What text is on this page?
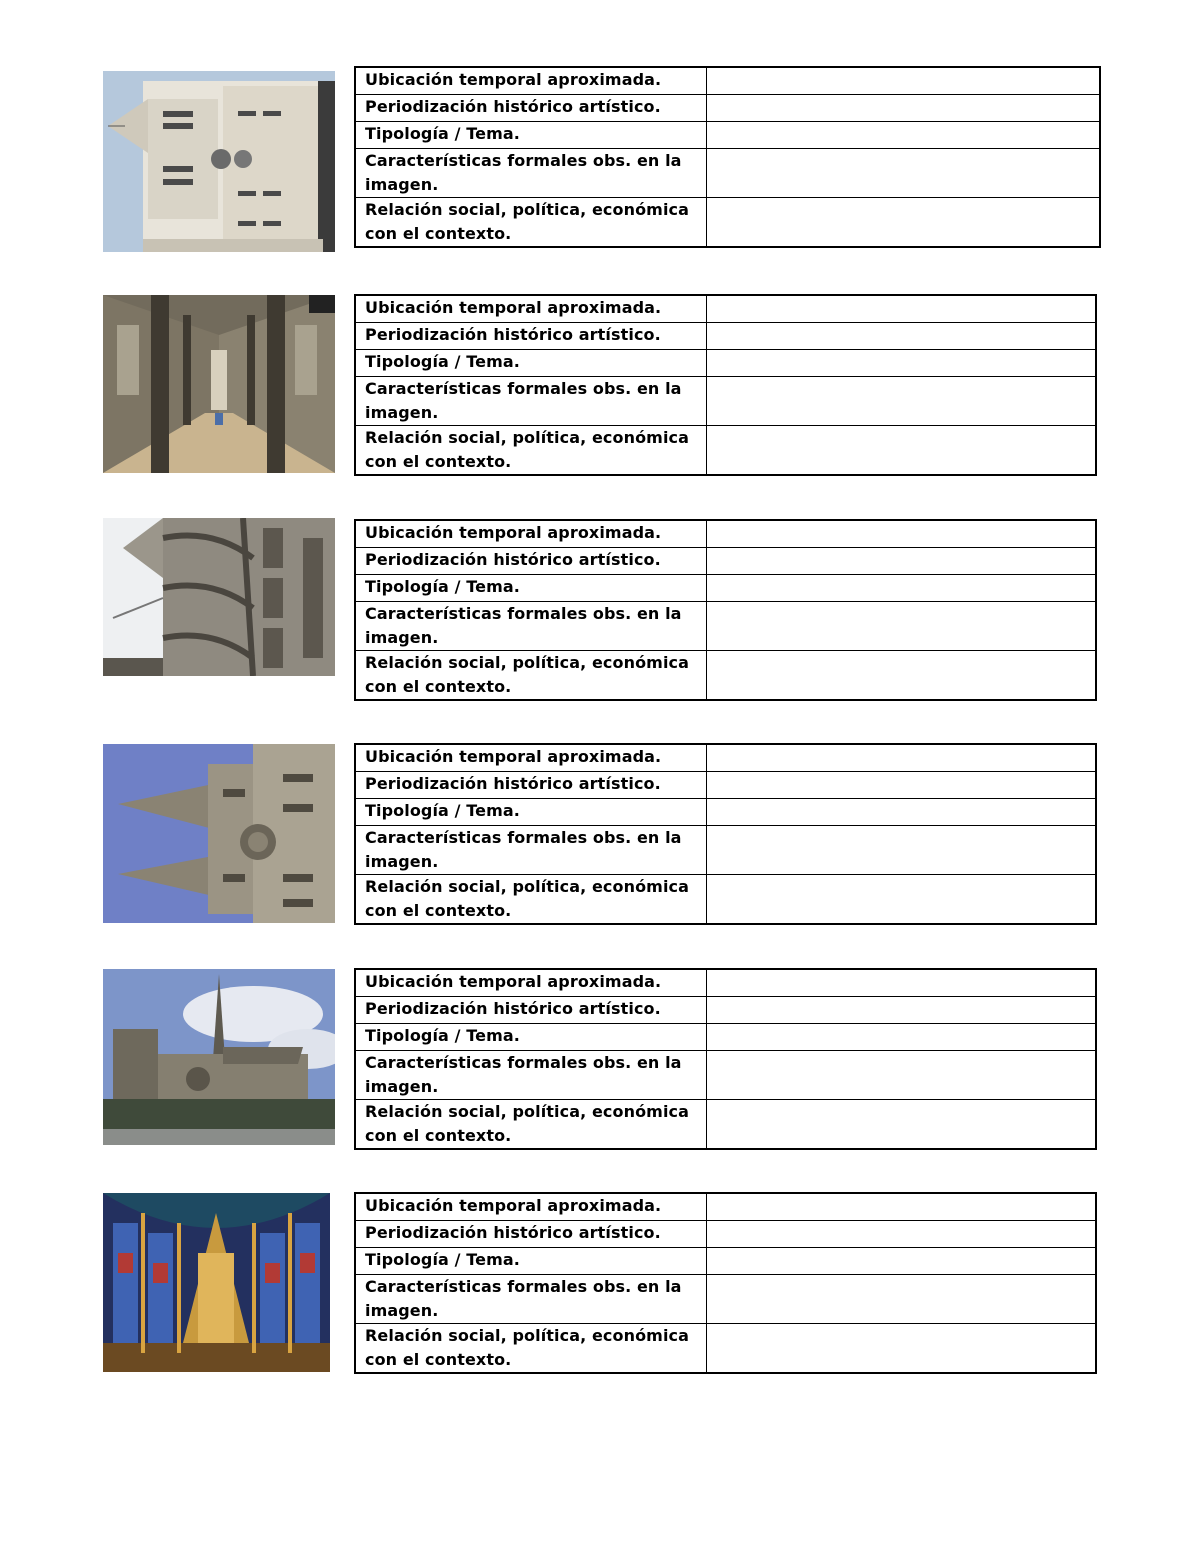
Ubicación temporal aproximada.	
Periodización histórico artístico.	
Tipología / Tema.	
Características formales obs. en la imagen.	
Relación social, política, económica con el contexto.	
Ubicación temporal aproximada.	
Periodización histórico artístico.	
Tipología / Tema.	
Características formales obs. en la imagen.	
Relación social, política, económica con el contexto.	
Ubicación temporal aproximada.	
Periodización histórico artístico.	
Tipología / Tema.	
Características formales obs. en la imagen.	
Relación social, política, económica con el contexto.	
Ubicación temporal aproximada.	
Periodización histórico artístico.	
Tipología / Tema.	
Características formales obs. en la imagen.	
Relación social, política, económica con el contexto.	
Ubicación temporal aproximada.	
Periodización histórico artístico.	
Tipología / Tema.	
Características formales obs. en la imagen.	
Relación social, política, económica con el contexto.	
Ubicación temporal aproximada.	
Periodización histórico artístico.	
Tipología / Tema.	
Características formales obs. en la imagen.	
Relación social, política, económica con el contexto.	
